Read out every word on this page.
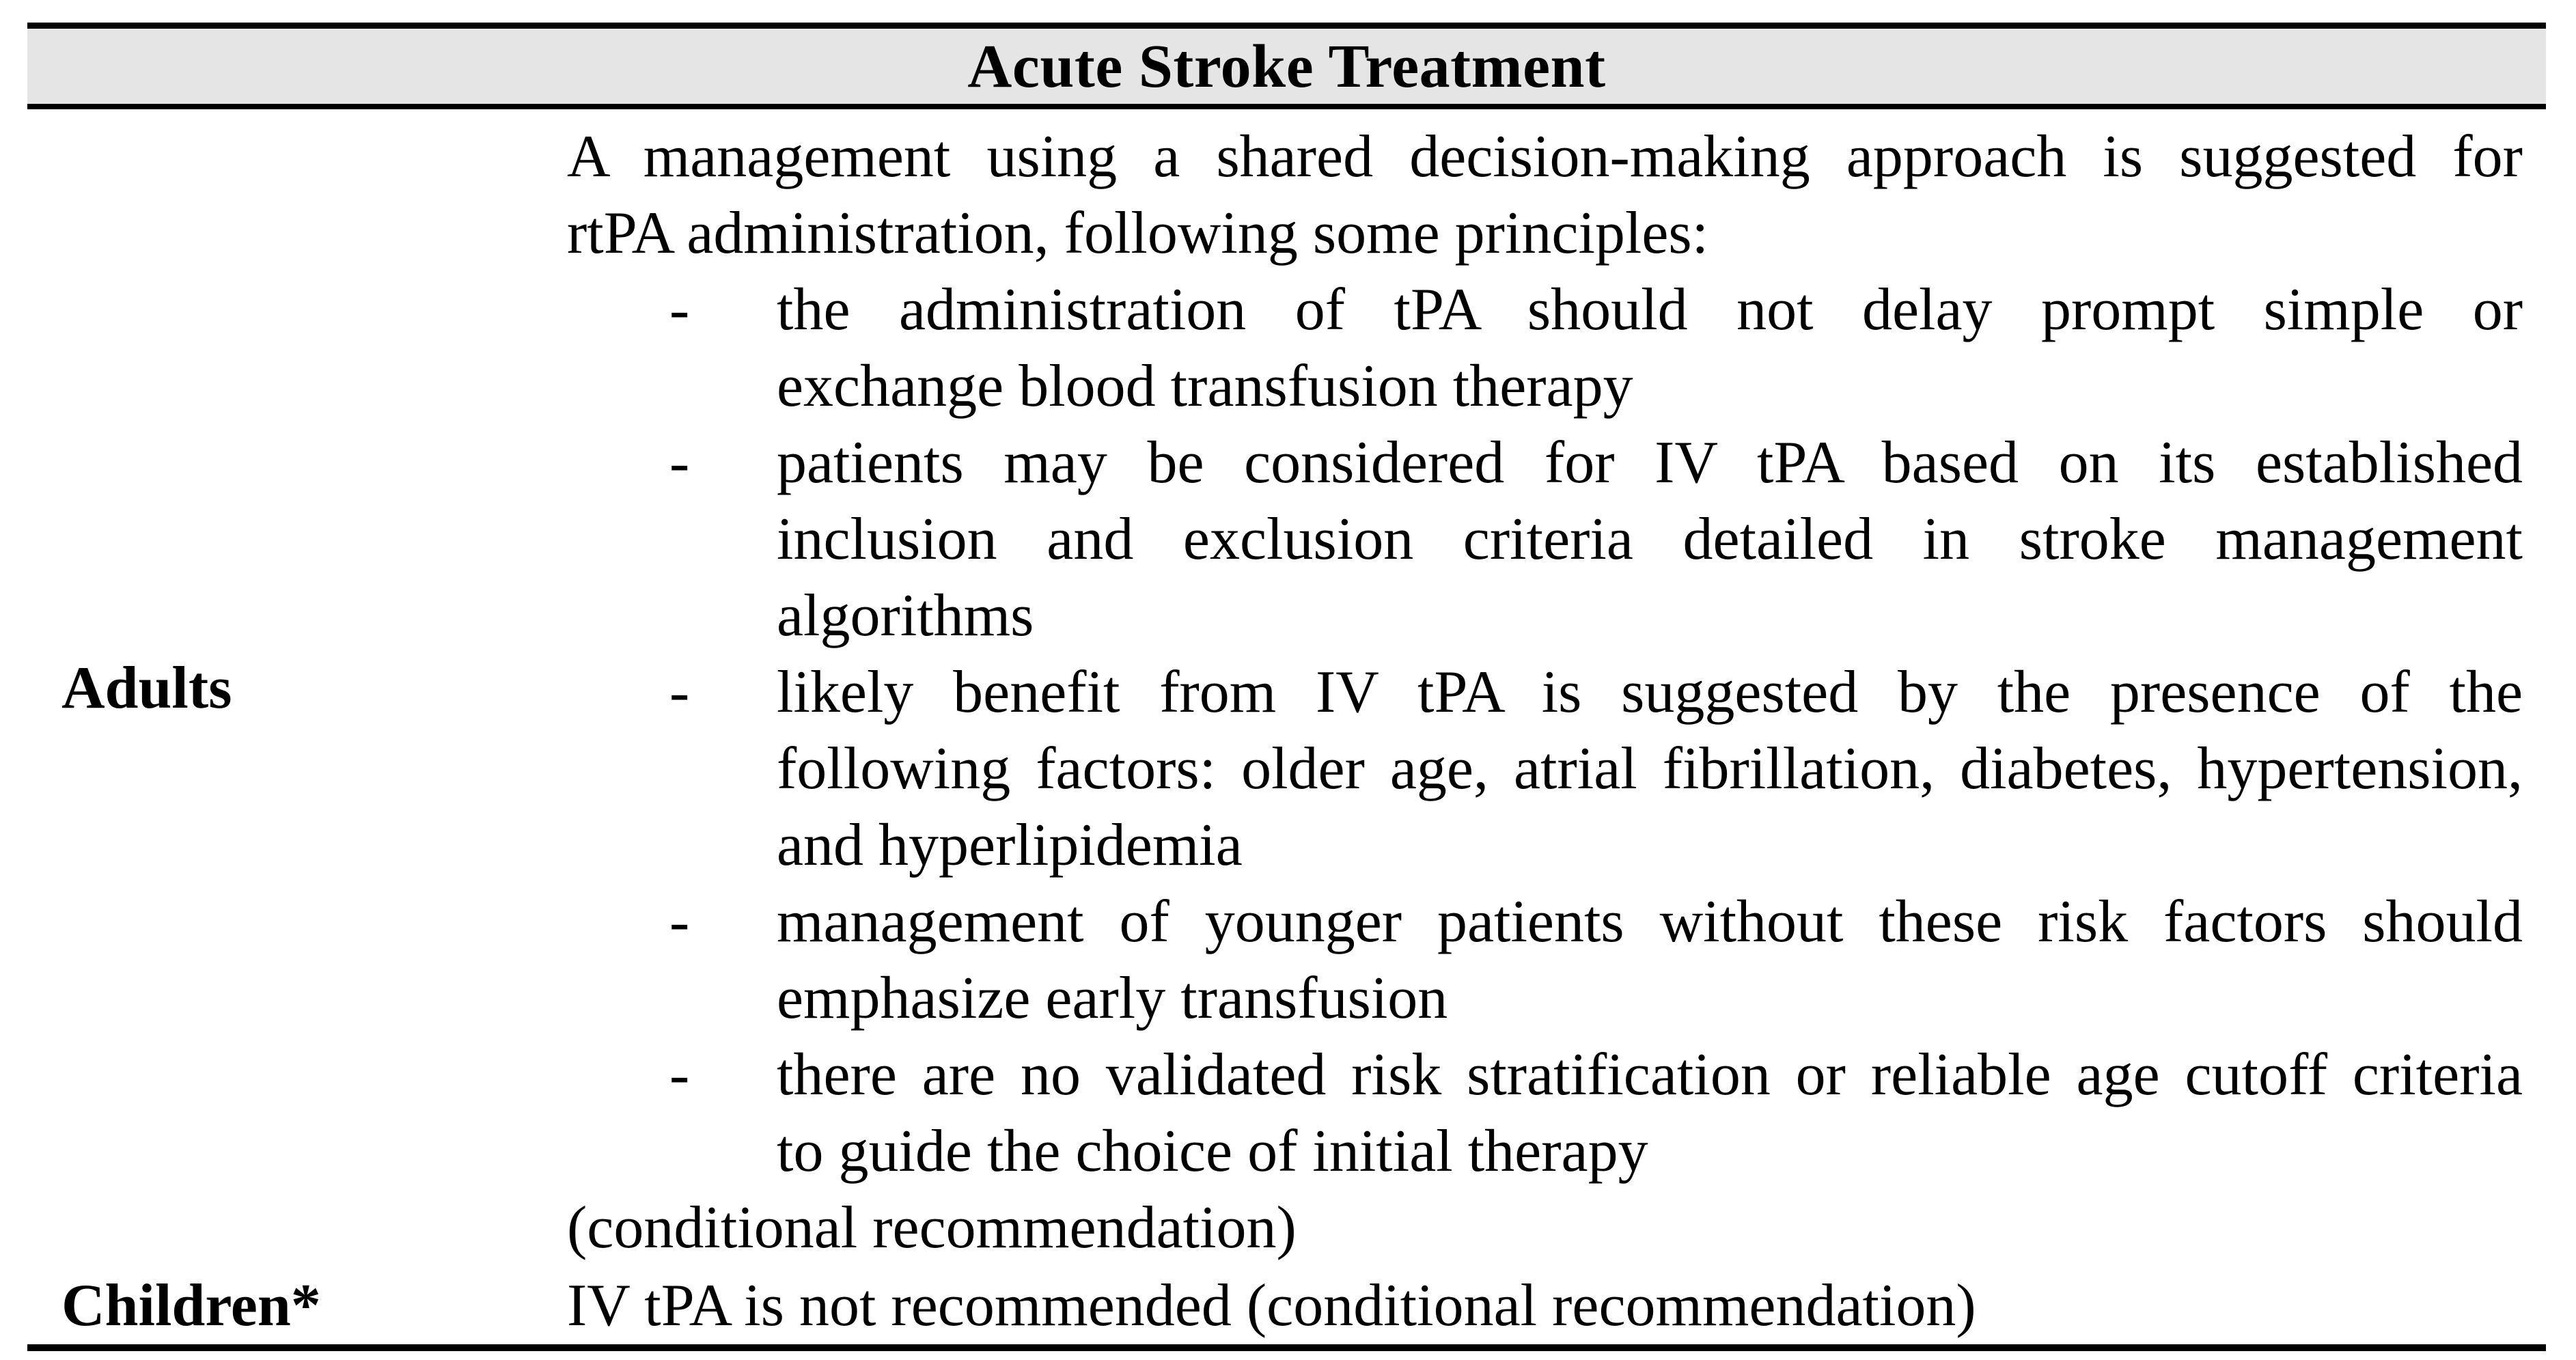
Acute Stroke Treatment
Adults
A management using a shared decision-making approach is suggested for
rtPA administration, following some principles:
- the administration of tPA should not delay prompt simple or
exchange blood transfusion therapy
- patients may be considered for IV tPA based on its established
inclusion and exclusion criteria detailed in stroke management
algorithms
- likely benefit from IV tPA is suggested by the presence of the
following factors: older age, atrial fibrillation, diabetes, hypertension,
and hyperlipidemia
- management of younger patients without these risk factors should
emphasize early transfusion
- there are no validated risk stratification or reliable age cutoff criteria
to guide the choice of initial therapy
(conditional recommendation)
Children*	IV tPA is not recommended (conditional recommendation)
